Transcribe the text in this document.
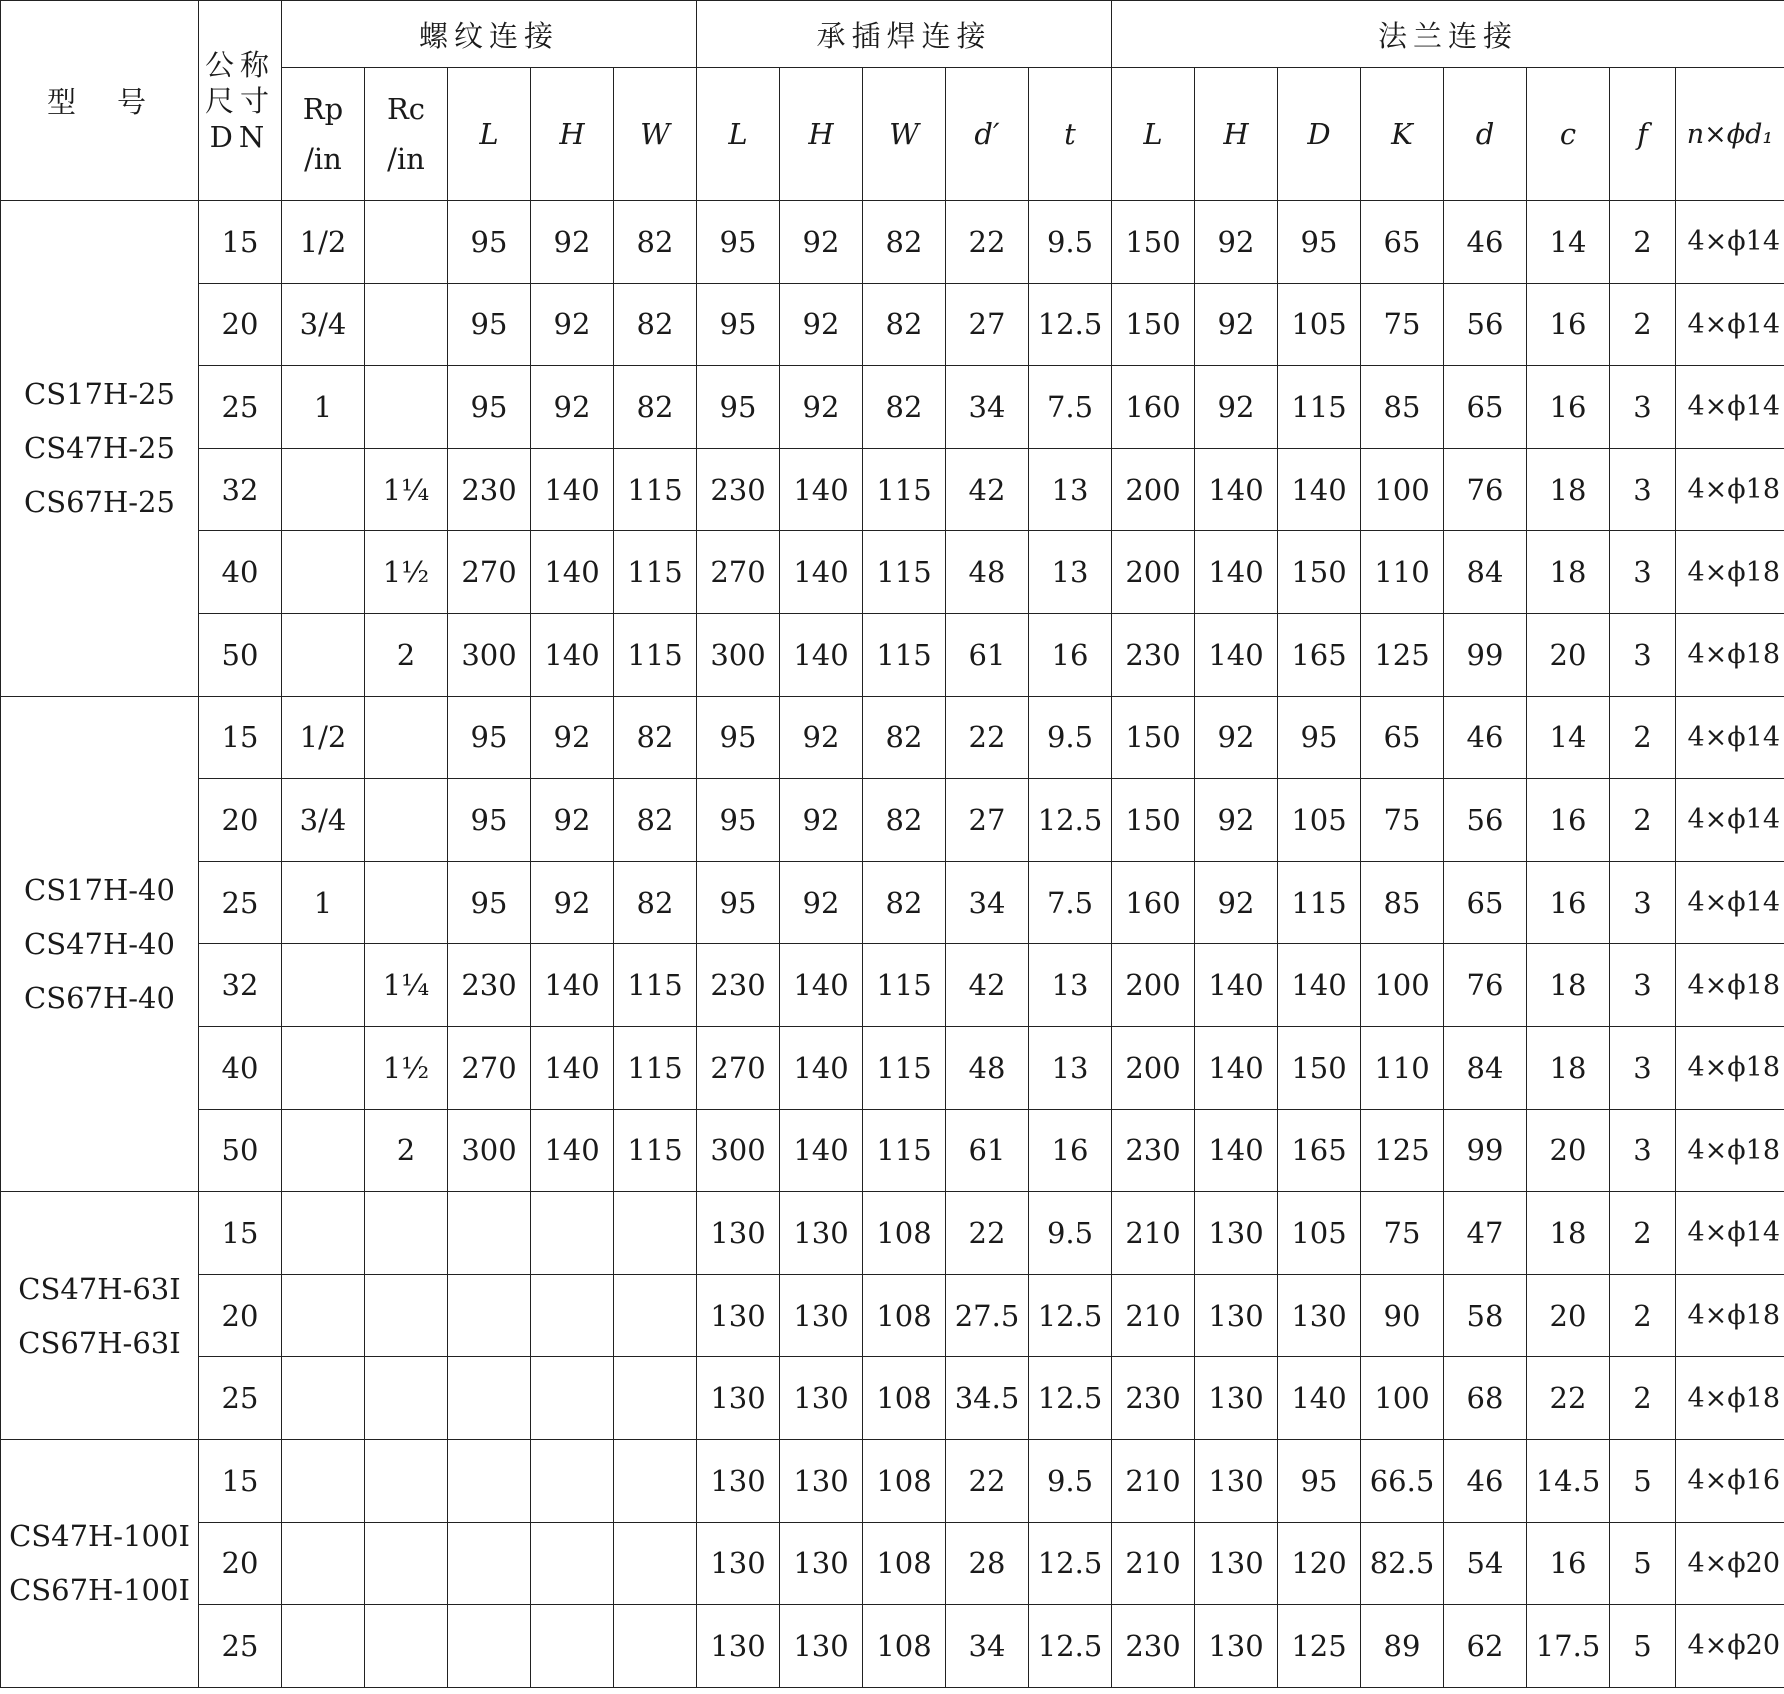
型　号	公称
尺寸
DN	螺纹连接					承插焊连接					法兰连接							

		Rp /in	Rc /in	L	H	W	L	H	W	d′	t	L	H	D	K	d	c	f	n×ϕd₁

CS17H-25
CS47H-25
CS67H-25	15	1/2		95	92	82	95	92	82	22	9.5	150	92	95	65	46	14	2	4×ϕ14
	20	3/4		95	92	82	95	92	82	27	12.5	150	92	105	75	56	16	2	4×ϕ14
	25	1		95	92	82	95	92	82	34	7.5	160	92	115	85	65	16	3	4×ϕ14
	32		1¼	230	140	115	230	140	115	42	13	200	140	140	100	76	18	3	4×ϕ18
	40		1½	270	140	115	270	140	115	48	13	200	140	150	110	84	18	3	4×ϕ18
	50		2	300	140	115	300	140	115	61	16	230	140	165	125	99	20	3	4×ϕ18

CS17H-40
CS47H-40
CS67H-40	15	1/2		95	92	82	95	92	82	22	9.5	150	92	95	65	46	14	2	4×ϕ14
	20	3/4		95	92	82	95	92	82	27	12.5	150	92	105	75	56	16	2	4×ϕ14
	25	1		95	92	82	95	92	82	34	7.5	160	92	115	85	65	16	3	4×ϕ14
	32		1¼	230	140	115	230	140	115	42	13	200	140	140	100	76	18	3	4×ϕ18
	40		1½	270	140	115	270	140	115	48	13	200	140	150	110	84	18	3	4×ϕ18
	50		2	300	140	115	300	140	115	61	16	230	140	165	125	99	20	3	4×ϕ18

CS47H-63I
CS67H-63I	15						130	130	108	22	9.5	210	130	105	75	47	18	2	4×ϕ14
	20						130	130	108	27.5	12.5	210	130	130	90	58	20	2	4×ϕ18
	25						130	130	108	34.5	12.5	230	130	140	100	68	22	2	4×ϕ18

CS47H-100I
CS67H-100I	15						130	130	108	22	9.5	210	130	95	66.5	46	14.5	5	4×ϕ16
	20						130	130	108	28	12.5	210	130	120	82.5	54	16	5	4×ϕ20
	25						130	130	108	34	12.5	230	130	125	89	62	17.5	5	4×ϕ20
